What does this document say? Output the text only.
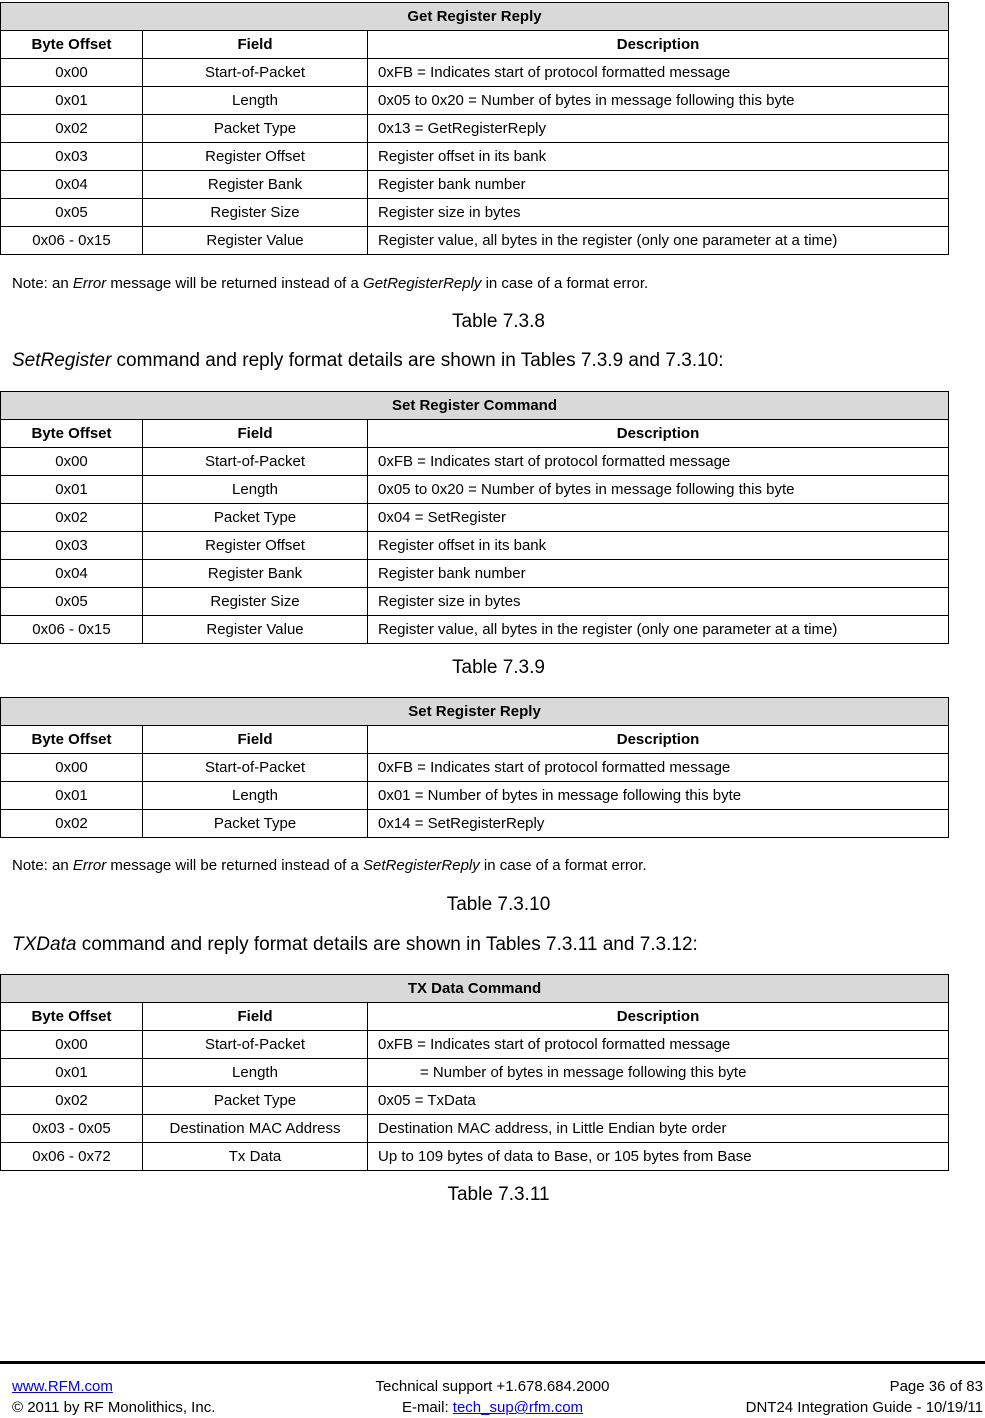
Get Register Reply		
Byte Offset	Field	Description
0x00	Start-of-Packet	0xFB = Indicates start of protocol formatted message
0x01	Length	0x05 to 0x20 = Number of bytes in message following this byte
0x02	Packet Type	0x13 = GetRegisterReply
0x03	Register Offset	Register offset in its bank
0x04	Register Bank	Register bank number
0x05	Register Size	Register size in bytes
0x06 - 0x15	Register Value	Register value, all bytes in the register (only one parameter at a time)
Note: an Error message will be returned instead of a GetRegisterReply in case of a format error.
Table 7.3.8
SetRegister command and reply format details are shown in Tables 7.3.9 and 7.3.10:
Set Register Command		
Byte Offset	Field	Description
0x00	Start-of-Packet	0xFB = Indicates start of protocol formatted message
0x01	Length	0x05 to 0x20 = Number of bytes in message following this byte
0x02	Packet Type	0x04 = SetRegister
0x03	Register Offset	Register offset in its bank
0x04	Register Bank	Register bank number
0x05	Register Size	Register size in bytes
0x06 - 0x15	Register Value	Register value, all bytes in the register (only one parameter at a time)
Table 7.3.9
Set Register Reply		
Byte Offset	Field	Description
0x00	Start-of-Packet	0xFB = Indicates start of protocol formatted message
0x01	Length	0x01 = Number of bytes in message following this byte
0x02	Packet Type	0x14 = SetRegisterReply
Note: an Error message will be returned instead of a SetRegisterReply in case of a format error.
Table 7.3.10
TXData command and reply format details are shown in Tables 7.3.11 and 7.3.12:
TX Data Command		
Byte Offset	Field	Description
0x00	Start-of-Packet	0xFB = Indicates start of protocol formatted message
0x01	Length	= Number of bytes in message following this byte
0x02	Packet Type	0x05 = TxData
0x03 - 0x05	Destination MAC Address	Destination MAC address, in Little Endian byte order
0x06 - 0x72	Tx Data	Up to 109 bytes of data to Base, or 105 bytes from Base
Table 7.3.11
www.RFM.com
© 2011 by RF Monolithics, Inc.
Technical support +1.678.684.2000
E-mail: tech_sup@rfm.com
Page 36 of 83
DNT24 Integration Guide - 10/19/11
